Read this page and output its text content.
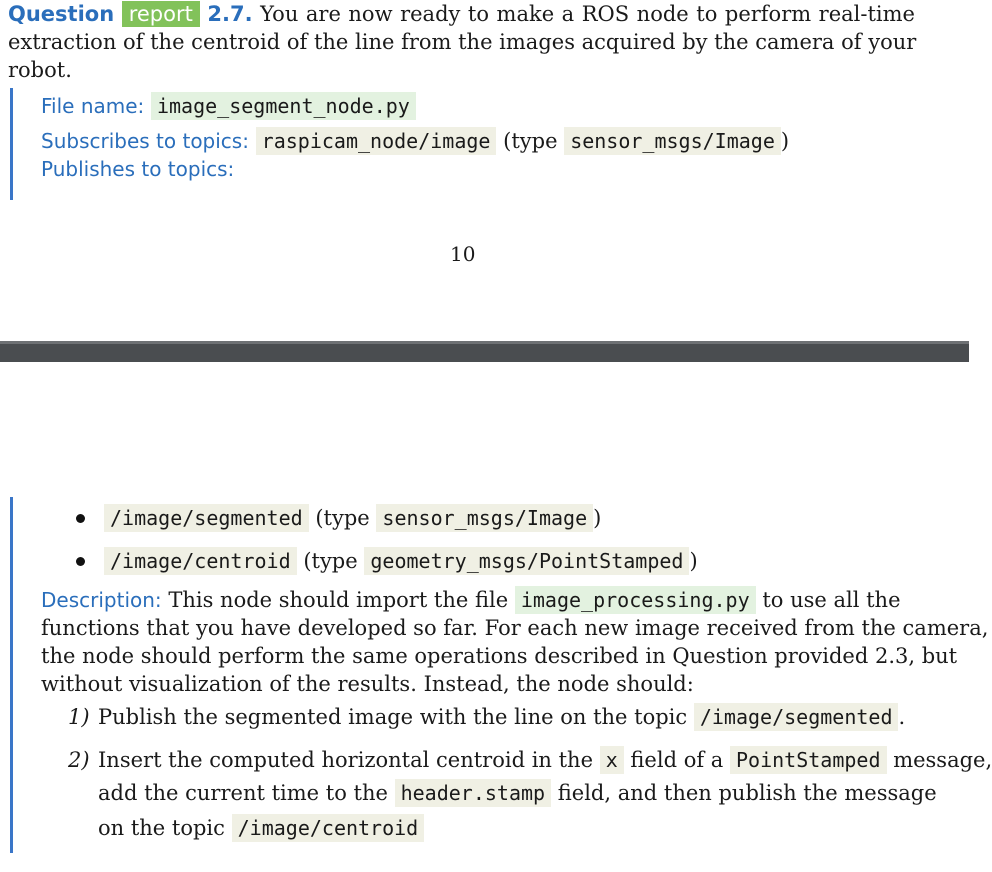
Question report 2.7. You are now ready to make a ROS node to perform real-time
extraction of the centroid of the line from the images acquired by the camera of your
robot.
File name: image_segment_node.py
Subscribes to topics: raspicam_node/image (type sensor_msgs/Image )
Publishes to topics:
10
/image/segmented (type sensor_msgs/Image )
/image/centroid (type geometry_msgs/PointStamped )
Description: This node should import the file image_processing.py to use all the
functions that you have developed so far. For each new image received from the camera,
the node should perform the same operations described in Question provided 2.3, but
without visualization of the results. Instead, the node should:
1) Publish the segmented image with the line on the topic /image/segmented .
2) Insert the computed horizontal centroid in the x field of a PointStamped message,
add the current time to the header.stamp field, and then publish the message
on the topic /image/centroid
